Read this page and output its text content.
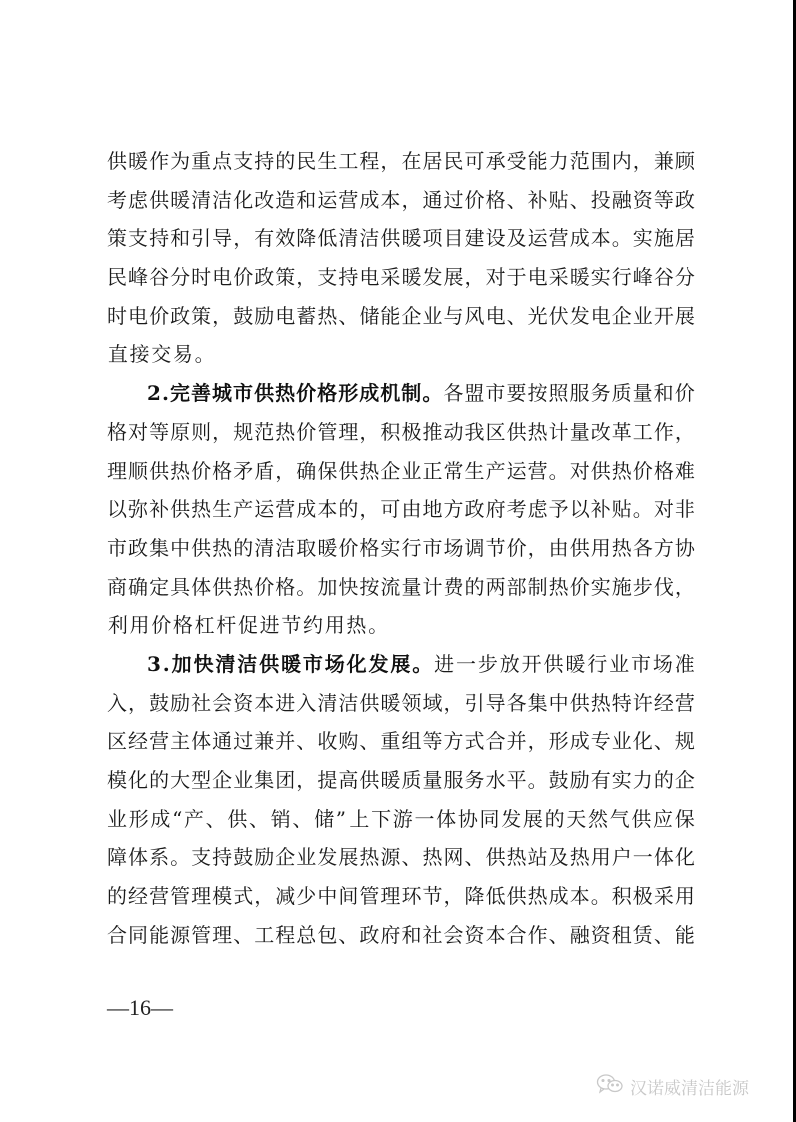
供 暖 作 为 重 点 支 持 的 民 生 工 程 ， 在 居 民 可 承 受 能 力 范 围 内 ， 兼 顾
考 虑 供 暖 清 洁 化 改 造 和 运 营 成 本 ， 通 过 价 格 、 补 贴 、 投 融 资 等 政
策 支 持 和 引 导 ， 有 效 降 低 清 洁 供 暖 项 目 建 设 及 运 营 成 本 。 实 施 居
民 峰 谷 分 时 电 价 政 策 ， 支 持 电 采 暖 发 展 ， 对 于 电 采 暖 实 行 峰 谷 分
时 电 价 政 策 ， 鼓 励 电 蓄 热 、 储 能 企 业 与 风 电 、 光 伏 发 电 企 业 开 展
直 接 交 易 。
2 . 完 善 城 市 供 热 价 格 形 成 机 制 。 各 盟 市 要 按 照 服 务 质 量 和 价
格 对 等 原 则 ， 规 范 热 价 管 理 ， 积 极 推 动 我 区 供 热 计 量 改 革 工 作 ，
理 顺 供 热 价 格 矛 盾 ， 确 保 供 热 企 业 正 常 生 产 运 营 。 对 供 热 价 格 难
以 弥 补 供 热 生 产 运 营 成 本 的 ， 可 由 地 方 政 府 考 虑 予 以 补 贴 。 对 非
市 政 集 中 供 热 的 清 洁 取 暖 价 格 实 行 市 场 调 节 价 ， 由 供 用 热 各 方 协
商 确 定 具 体 供 热 价 格 。 加 快 按 流 量 计 费 的 两 部 制 热 价 实 施 步 伐 ，
利 用 价 格 杠 杆 促 进 节 约 用 热 。
3 . 加 快 清 洁 供 暖 市 场 化 发 展 。 进 一 步 放 开 供 暖 行 业 市 场 准
入 ， 鼓 励 社 会 资 本 进 入 清 洁 供 暖 领 域 ， 引 导 各 集 中 供 热 特 许 经 营
区 经 营 主 体 通 过 兼 并 、 收 购 、 重 组 等 方 式 合 并 ， 形 成 专 业 化 、 规
模 化 的 大 型 企 业 集 团 ， 提 高 供 暖 质 量 服 务 水 平 。 鼓 励 有 实 力 的 企
业 形 成 “ 产 、 供 、 销 、 储 ” 上 下 游 一 体 协 同 发 展 的 天 然 气 供 应 保
障 体 系 。 支 持 鼓 励 企 业 发 展 热 源 、 热 网 、 供 热 站 及 热 用 户 一 体 化
的 经 营 管 理 模 式 ， 减 少 中 间 管 理 环 节 ， 降 低 供 热 成 本 。 积 极 采 用
合 同 能 源 管 理 、 工 程 总 包 、 政 府 和 社 会 资 本 合 作 、 融 资 租 赁 、 能
—16—
汉诺威清洁能源
